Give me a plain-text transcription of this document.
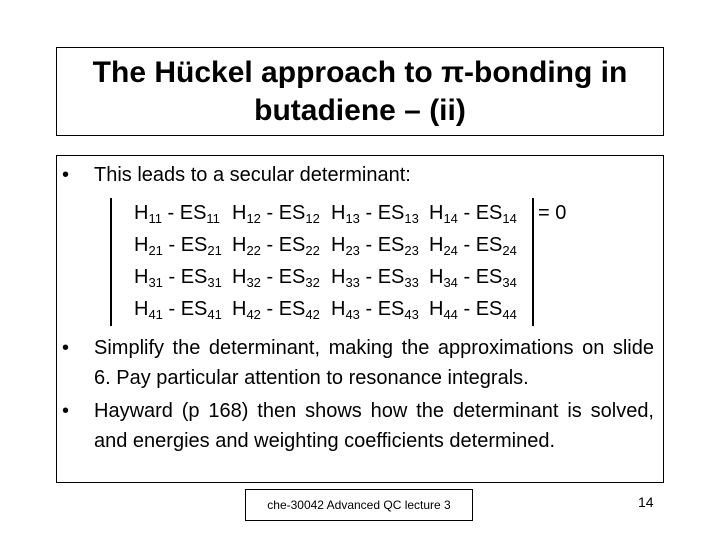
The Hückel approach to π-bonding in
butadiene – (ii)
• This leads to a secular determinant:
$H_{11} - ES_{11}$ $H_{12} - ES_{12}$ $H_{13} - ES_{13}$ $H_{14} - ES_{14}$
$H_{21} - ES_{21}$ $H_{22} - ES_{22}$ $H_{23} - ES_{23}$ $H_{24} - ES_{24}$
$H_{31} - ES_{31}$ $H_{32} - ES_{32}$ $H_{33} - ES_{33}$ $H_{34} - ES_{34}$
$H_{41} - ES_{41}$ $H_{42} - ES_{42}$ $H_{43} - ES_{43}$ $H_{44} - ES_{44}$
= 0
• Simplify the determinant, making the approximations on slide 6. Pay particular attention to resonance integrals.
• Hayward (p 168) then shows how the determinant is solved, and energies and weighting coefficients determined.
che-30042 Advanced QC lecture 3	14
